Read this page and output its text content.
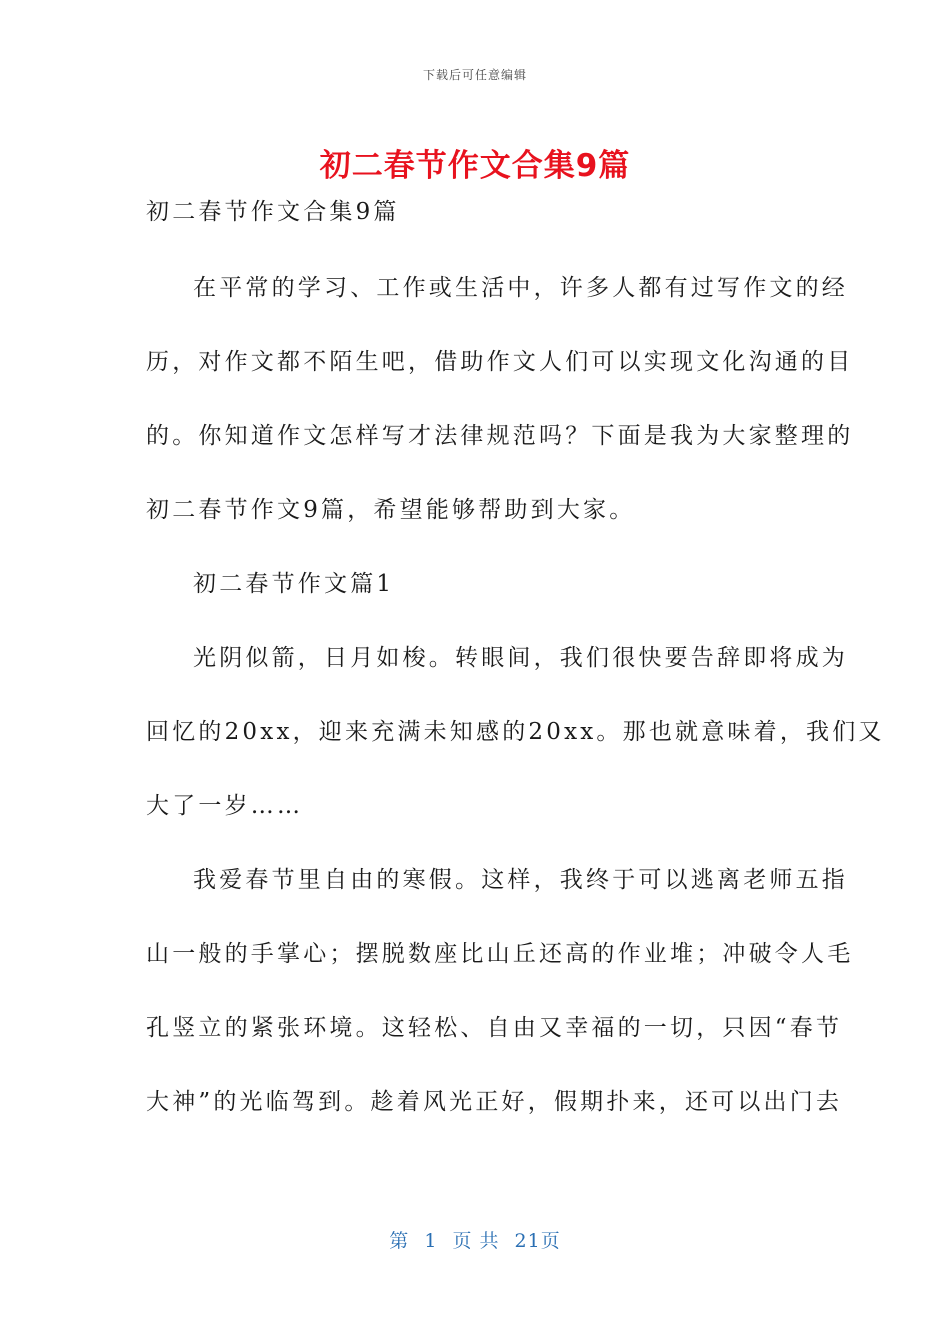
下载后可任意编辑
初二春节作文合集9篇
初二春节作文合集9篇
在平常的学习、工作或生活中，许多人都有过写作文的经
历，对作文都不陌生吧，借助作文人们可以实现文化沟通的目
的。你知道作文怎样写才法律规范吗？下面是我为大家整理的
初二春节作文9篇，希望能够帮助到大家。
初二春节作文篇1
光阴似箭，日月如梭。转眼间，我们很快要告辞即将成为
回忆的20xx，迎来充满未知感的20xx。那也就意味着，我们又
大了一岁……
我爱春节里自由的寒假。这样，我终于可以逃离老师五指
山一般的手掌心；摆脱数座比山丘还高的作业堆；冲破令人毛
孔竖立的紧张环境。这轻松、自由又幸福的一切，只因“春节
大神”的光临驾到。趁着风光正好，假期扑来，还可以出门去
第 1 页 共 21页
